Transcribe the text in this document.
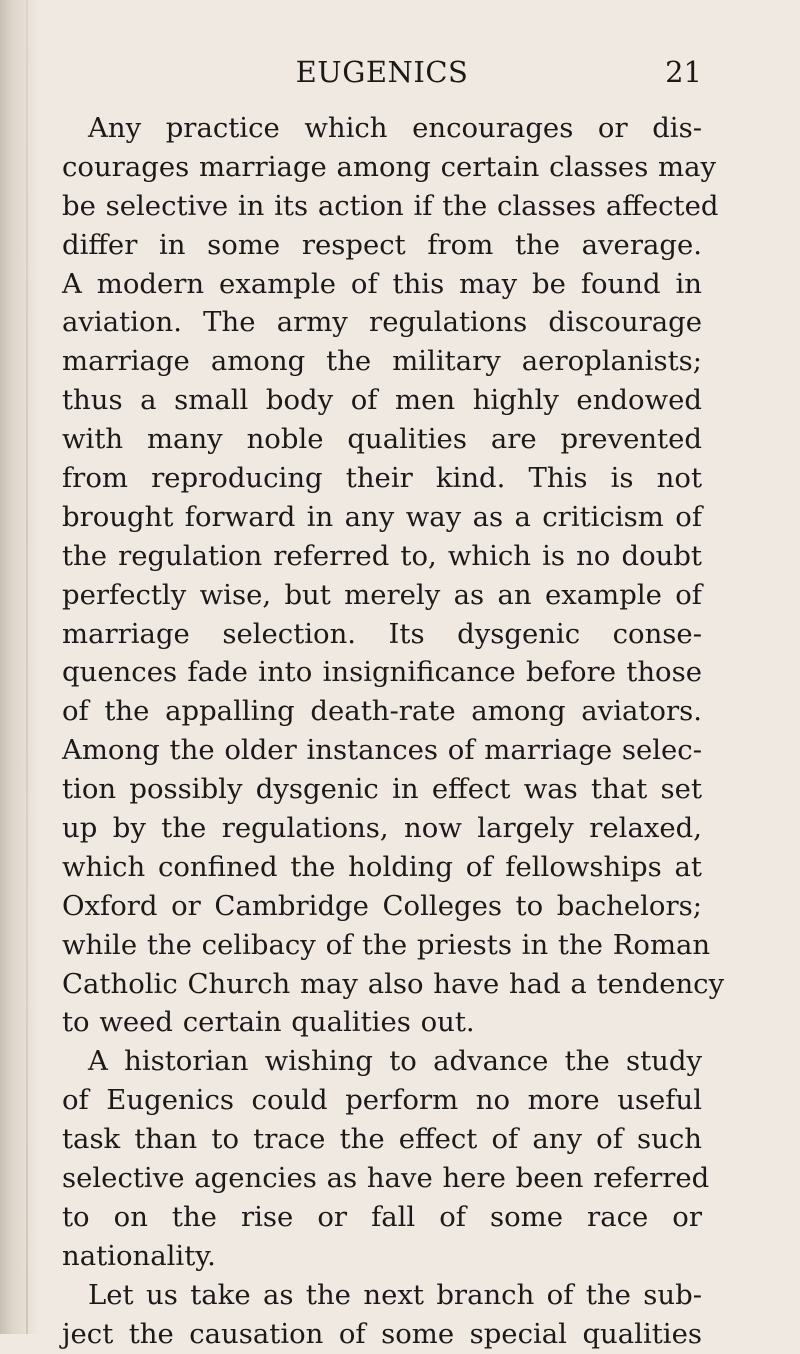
EUGENICS	21
Any practice which encourages or dis-
courages marriage among certain classes may
be selective in its action if the classes affected
differ in some respect from the average.
A modern example of this may be found in
aviation. The army regulations discourage
marriage among the military aeroplanists;
thus a small body of men highly endowed
with many noble qualities are prevented
from reproducing their kind. This is not
brought forward in any way as a criticism of
the regulation referred to, which is no doubt
perfectly wise, but merely as an example of
marriage selection. Its dysgenic conse-
quences fade into insignificance before those
of the appalling death-rate among aviators.
Among the older instances of marriage selec-
tion possibly dysgenic in effect was that set
up by the regulations, now largely relaxed,
which confined the holding of fellowships at
Oxford or Cambridge Colleges to bachelors;
while the celibacy of the priests in the Roman
Catholic Church may also have had a tendency
to weed certain qualities out.
A historian wishing to advance the study
of Eugenics could perform no more useful
task than to trace the effect of any of such
selective agencies as have here been referred
to on the rise or fall of some race or
nationality.
Let us take as the next branch of the sub-
ject the causation of some special qualities
